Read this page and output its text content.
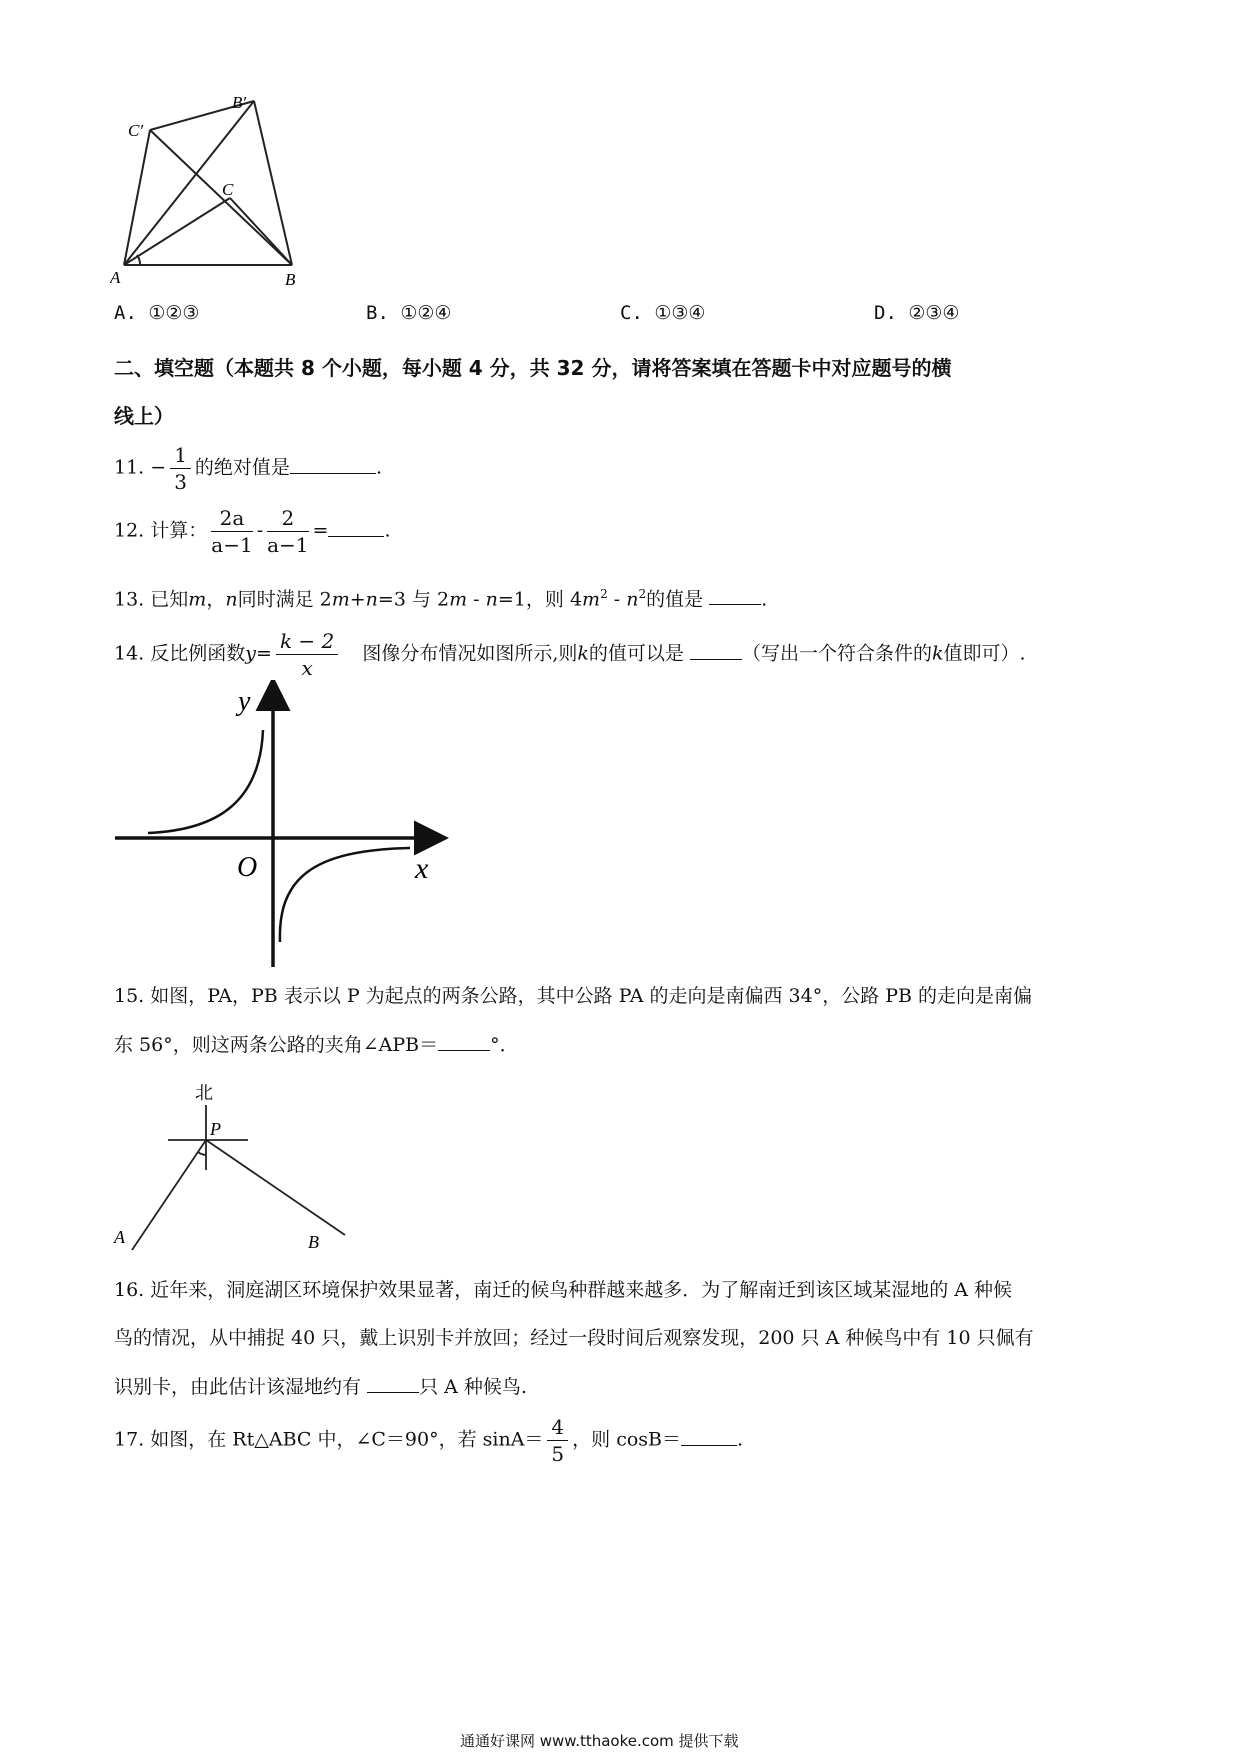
A	B
C
B′
C′
A. ①②③	B. ①②④	C. ①③④	D. ②③④
二、填空题（本题共 8 个小题，每小题 4 分，共 32 分，请将答案填在答题卡中对应题号的横
线上）
11. − $\frac{1}{3}$ 的绝对值是	.
12. 计算： $\frac{2a}{a-1} - \frac{2}{a-1}$ =	.
13. 已知m，n同时满足 2m+n=3 与 2m - n=1，则 $4m^2 - n^2$的值是	.
14. 反比例函数$y= \frac{k - 2}{x}$ 图像分布情况如图所示,则k的值可以是	（写出一个符合条件的k值即可）.
y
x
O
15. 如图，PA，PB 表示以 P 为起点的两条公路，其中公路 PA 的走向是南偏西 34°，公路 PB 的走向是南偏
东 56°，则这两条公路的夹角∠APB＝	°．
北
P
A	B
16. 近年来，洞庭湖区环境保护效果显著，南迁的候鸟种群越来越多．为了解南迁到该区域某湿地的 A 种候
鸟的情况，从中捕捉 40 只，戴上识别卡并放回；经过一段时间后观察发现，200 只 A 种候鸟中有 10 只佩有
识别卡，由此估计该湿地约有	只 A 种候鸟.
17. 如图，在 Rt△ABC 中，∠C＝90°，若 $\sin A= \frac{4}{5}$ ，则 cosB＝	.
通通好课网 www.tthaoke.com 提供下载
